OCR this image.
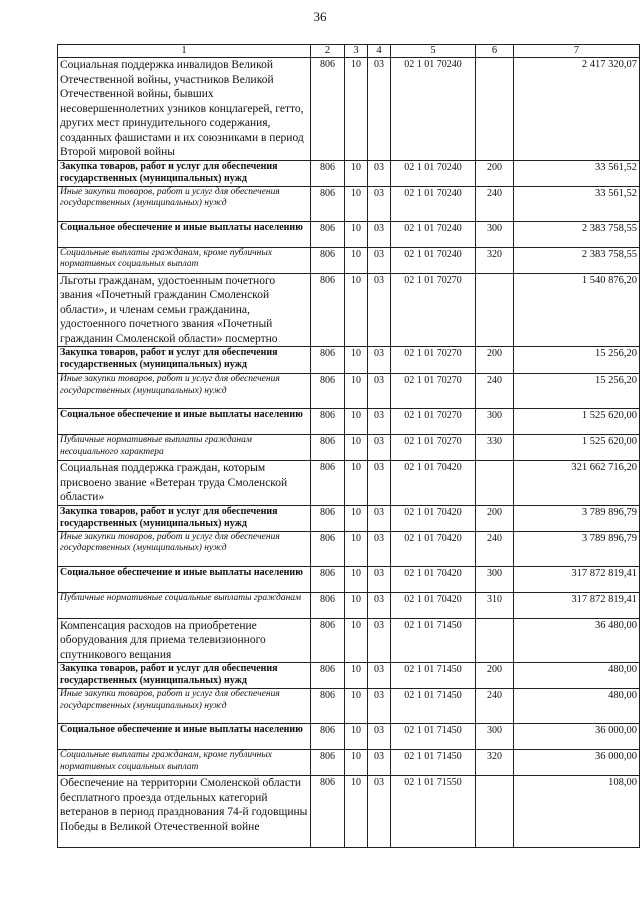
36
1	2	3	4	5	6	7
Социальная поддержка инвалидов Великой Отечественной войны, участников Великой Отечественной войны, бывших несовершеннолетних узников концлагерей, гетто, других мест принудительного содержания, созданных фашистами и их союзниками в период Второй мировой войны	806	10	03	02 1 01 70240		2 417 320,07
Закупка товаров, работ и услуг для обеспечения государственных (муниципальных) нужд	806	10	03	02 1 01 70240	200	33 561,52
Иные закупки товаров, работ и услуг для обеспечения государственных (муниципальных) нужд	806	10	03	02 1 01 70240	240	33 561,52
Социальное обеспечение и иные выплаты населению	806	10	03	02 1 01 70240	300	2 383 758,55
Социальные выплаты гражданам, кроме публичных нормативных социальных выплат	806	10	03	02 1 01 70240	320	2 383 758,55
Льготы гражданам, удостоенным почетного звания «Почетный гражданин Смоленской области», и членам семьи гражданина, удостоенного почетного звания «Почетный гражданин Смоленской области» посмертно	806	10	03	02 1 01 70270		1 540 876,20
Закупка товаров, работ и услуг для обеспечения государственных (муниципальных) нужд	806	10	03	02 1 01 70270	200	15 256,20
Иные закупки товаров, работ и услуг для обеспечения государственных (муниципальных) нужд	806	10	03	02 1 01 70270	240	15 256,20
Социальное обеспечение и иные выплаты населению	806	10	03	02 1 01 70270	300	1 525 620,00
Публичные нормативные выплаты гражданам несоциального характера	806	10	03	02 1 01 70270	330	1 525 620,00
Социальная поддержка граждан, которым присвоено звание «Ветеран труда Смоленской области»	806	10	03	02 1 01 70420		321 662 716,20
Закупка товаров, работ и услуг для обеспечения государственных (муниципальных) нужд	806	10	03	02 1 01 70420	200	3 789 896,79
Иные закупки товаров, работ и услуг для обеспечения государственных (муниципальных) нужд	806	10	03	02 1 01 70420	240	3 789 896,79
Социальное обеспечение и иные выплаты населению	806	10	03	02 1 01 70420	300	317 872 819,41
Публичные нормативные социальные выплаты гражданам	806	10	03	02 1 01 70420	310	317 872 819,41
Компенсация расходов на приобретение оборудования для приема телевизионного спутникового вещания	806	10	03	02 1 01 71450		36 480,00
Закупка товаров, работ и услуг для обеспечения государственных (муниципальных) нужд	806	10	03	02 1 01 71450	200	480,00
Иные закупки товаров, работ и услуг для обеспечения государственных (муниципальных) нужд	806	10	03	02 1 01 71450	240	480,00
Социальное обеспечение и иные выплаты населению	806	10	03	02 1 01 71450	300	36 000,00
Социальные выплаты гражданам, кроме публичных нормативных социальных выплат	806	10	03	02 1 01 71450	320	36 000,00
Обеспечение на территории Смоленской области бесплатного проезда отдельных категорий ветеранов в период празднования 74-й годовщины Победы в Великой Отечественной войне	806	10	03	02 1 01 71550		108,00
